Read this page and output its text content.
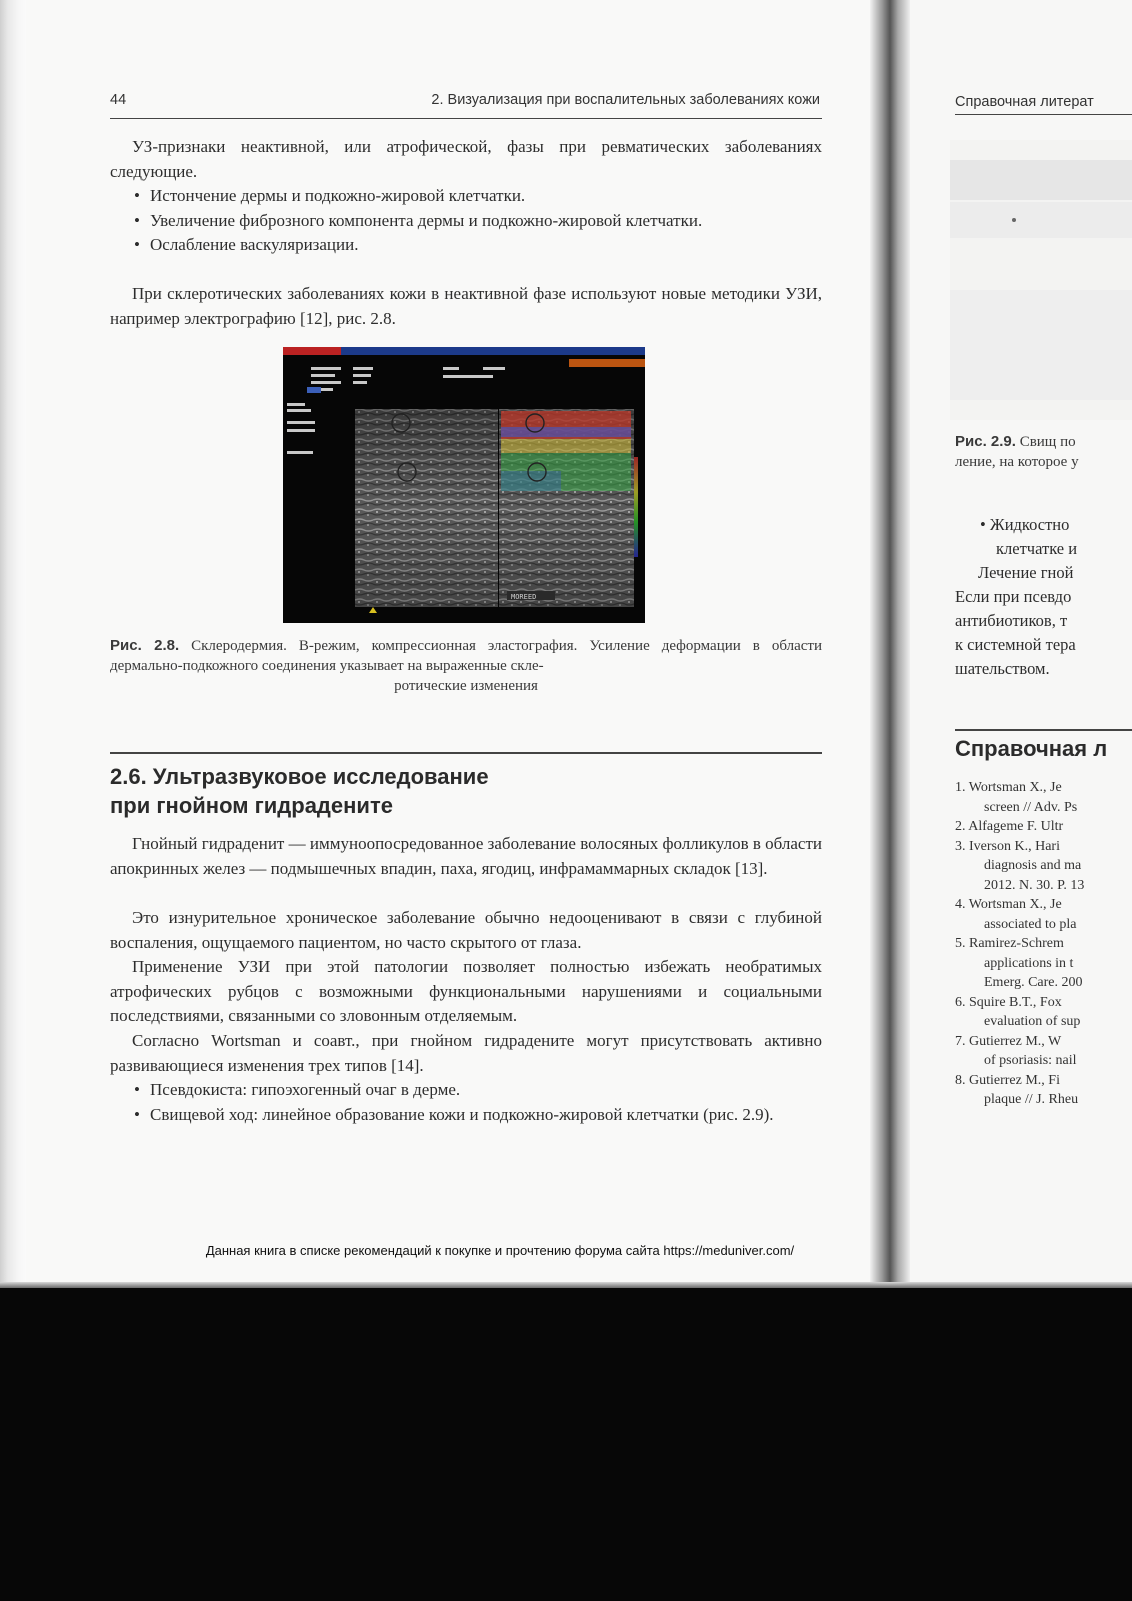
44	2. Визуализация при воспалительных заболеваниях кожи

УЗ-признаки неактивной, или атрофической, фазы при ревматических заболеваниях следующие.

• Истончение дермы и подкожно-жировой клетчатки.
• Увеличение фиброзного компонента дермы и подкожно-жировой клетчатки.
• Ослабление васкуляризации.

При склеротических заболеваниях кожи в неактивной фазе используют новые методики УЗИ, например электрографию [12], рис. 2.8.

MOREED
Рис. 2.8. Склеродермия. В-режим, компрессионная эластография. Усиление деформации в области дермально-подкожного соединения указывает на выраженные скле-
ротические изменения
2.6. Ультразвуковое исследование
при гнойном гидрадените

Гнойный гидраденит — иммуноопосредованное заболевание волосяных фолликулов в области апокринных желез — подмышечных впадин, паха, ягодиц, инфрамаммарных складок [13].

Это изнурительное хроническое заболевание обычно недооценивают в связи с глубиной воспаления, ощущаемого пациентом, но часто скрытого от глаза.

Применение УЗИ при этой патологии позволяет полностью избежать необратимых атрофических рубцов с возможными функциональными нарушениями и социальными последствиями, связанными со зловонным отделяемым.

Согласно Wortsman и соавт., при гнойном гидрадените могут присутствовать активно развивающиеся изменения трех типов [14].

• Псевдокиста: гипоэхогенный очаг в дерме.
• Свищевой ход: линейное образование кожи и подкожно-жировой клетчатки (рис. 2.9).
Справочная литерат
Рис. 2.9. Свищ по
ление, на которое у
• Жидкостно
клетчатке и
Лечение гной
Если при псевдо
антибиотиков, т
к системной тера
шательством.
Справочная л
1. Wortsman X., Je
screen // Adv. Ps
2. Alfageme F. Ultr
3. Iverson K., Hari
diagnosis and ma
2012. N. 30. P. 13
4. Wortsman X., Je
associated to pla
5. Ramirez-Schrem
applications in t
Emerg. Care. 200
6. Squire B.T., Fox
evaluation of sup
7. Gutierrez M., W
of psoriasis: nail
8. Gutierrez M., Fi
plaque // J. Rheu
Данная книга в списке рекомендаций к покупке и прочтению форума сайта https://meduniver.com/
